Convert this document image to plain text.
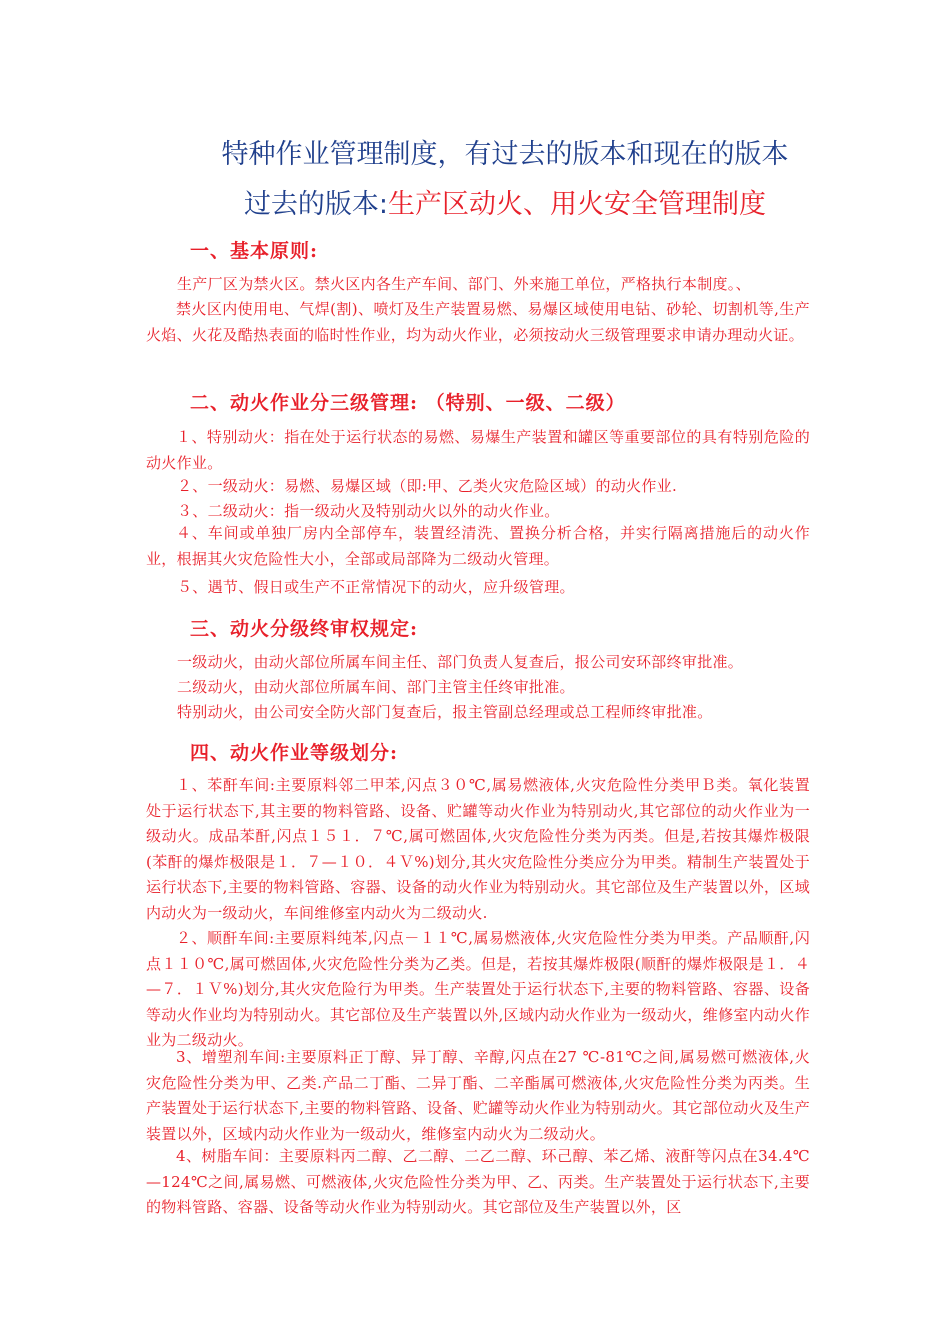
特种作业管理制度，有过去的版本和现在的版本
过去的版本:生产区动火、用火安全管理制度
一、基本原则:
生产厂区为禁火区。禁火区内各生产车间、部门、外来施工单位，严格执行本制度。、
禁火区内使用电、气焊(割)、喷灯及生产装置易燃、易爆区域使用电钻、砂轮、切割机等,生产火焰、火花及酷热表面的临时性作业，均为动火作业，必须按动火三级管理要求申请办理动火证。
二、动火作业分三级管理: （特别、一级、二级）
１、特别动火：指在处于运行状态的易燃、易爆生产装置和罐区等重要部位的具有特别危险的动火作业。
２、一级动火：易燃、易爆区域（即:甲、乙类火灾危险区域）的动火作业.
３、二级动火：指一级动火及特别动火以外的动火作业。
４、车间或单独厂房内全部停车，装置经清洗、置换分析合格，并实行隔离措施后的动火作业，根据其火灾危险性大小，全部或局部降为二级动火管理。
５、遇节、假日或生产不正常情况下的动火，应升级管理。
三、动火分级终审权规定:
一级动火，由动火部位所属车间主任、部门负责人复查后，报公司安环部终审批准。
二级动火，由动火部位所属车间、部门主管主任终审批准。
特别动火，由公司安全防火部门复查后，报主管副总经理或总工程师终审批准。
四、动火作业等级划分:
１、苯酐车间:主要原料邻二甲苯,闪点３０℃,属易燃液体,火灾危险性分类甲Ｂ类。氧化装置处于运行状态下,其主要的物料管路、设备、贮罐等动火作业为特别动火,其它部位的动火作业为一级动火。成品苯酐,闪点１５１．７℃,属可燃固体,火灾危险性分类为丙类。但是,若按其爆炸极限(苯酐的爆炸极限是１．７—１０．４Ｖ%)划分,其火灾危险性分类应分为甲类。精制生产装置处于运行状态下,主要的物料管路、容器、设备的动火作业为特别动火。其它部位及生产装置以外，区域内动火为一级动火，车间维修室内动火为二级动火.
２、顺酐车间:主要原料纯苯,闪点－１１℃,属易燃液体,火灾危险性分类为甲类。产品顺酐,闪点１１０℃,属可燃固体,火灾危险性分类为乙类。但是，若按其爆炸极限(顺酐的爆炸极限是１．４—７．１Ｖ%)划分,其火灾危险行为甲类。生产装置处于运行状态下,主要的物料管路、容器、设备等动火作业均为特别动火。其它部位及生产装置以外,区域内动火作业为一级动火，维修室内动火作业为二级动火。
3、增塑剂车间:主要原料正丁醇、异丁醇、辛醇,闪点在27 ℃-81℃之间,属易燃可燃液体,火灾危险性分类为甲、乙类.产品二丁酯、二异丁酯、二辛酯属可燃液体,火灾危险性分类为丙类。生产装置处于运行状态下,主要的物料管路、设备、贮罐等动火作业为特别动火。其它部位动火及生产装置以外，区域内动火作业为一级动火，维修室内动火为二级动火。
4、树脂车间：主要原料丙二醇、乙二醇、二乙二醇、环己醇、苯乙烯、液酐等闪点在34.4℃—124℃之间,属易燃、可燃液体,火灾危险性分类为甲、乙、丙类。生产装置处于运行状态下,主要的物料管路、容器、设备等动火作业为特别动火。其它部位及生产装置以外，区
